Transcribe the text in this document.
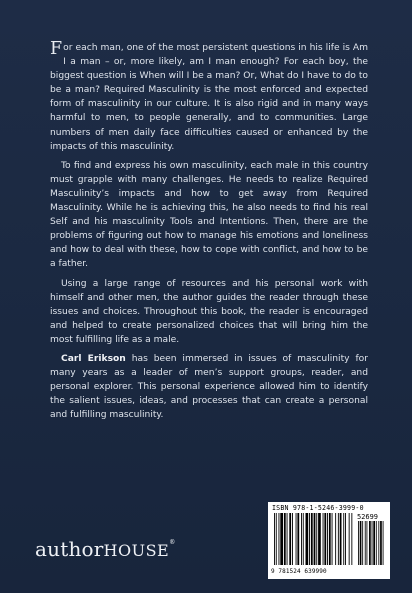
For each man, one of the most persistent questions in his life is Am I a man – or, more likely, am I man enough? For each boy, the biggest question is When will I be a man? Or, What do I have to do to be a man? Required Masculinity is the most enforced and expected form of masculinity in our culture. It is also rigid and in many ways harmful to men, to people generally, and to communities. Large numbers of men daily face difficulties caused or enhanced by the impacts of this masculinity.

To find and express his own masculinity, each male in this country must grapple with many challenges. He needs to realize Required Masculinity’s impacts and how to get away from Required Masculinity. While he is achieving this, he also needs to find his real Self and his masculinity Tools and Intentions. Then, there are the problems of figuring out how to manage his emotions and loneliness and how to deal with these, how to cope with conflict, and how to be a father.

Using a large range of resources and his personal work with himself and other men, the author guides the reader through these issues and choices. Throughout this book, the reader is encouraged and helped to create personalized choices that will bring him the most fulfilling life as a male.

Carl Erikson has been immersed in issues of masculinity for many years as a leader of men’s support groups, reader, and personal explorer. This personal experience allowed him to identify the salient issues, ideas, and processes that can create a personal and fulfilling masculinity.

authorHOUSE®
ISBN 978-1-5246-3999-0
52699
9 781524 639990
